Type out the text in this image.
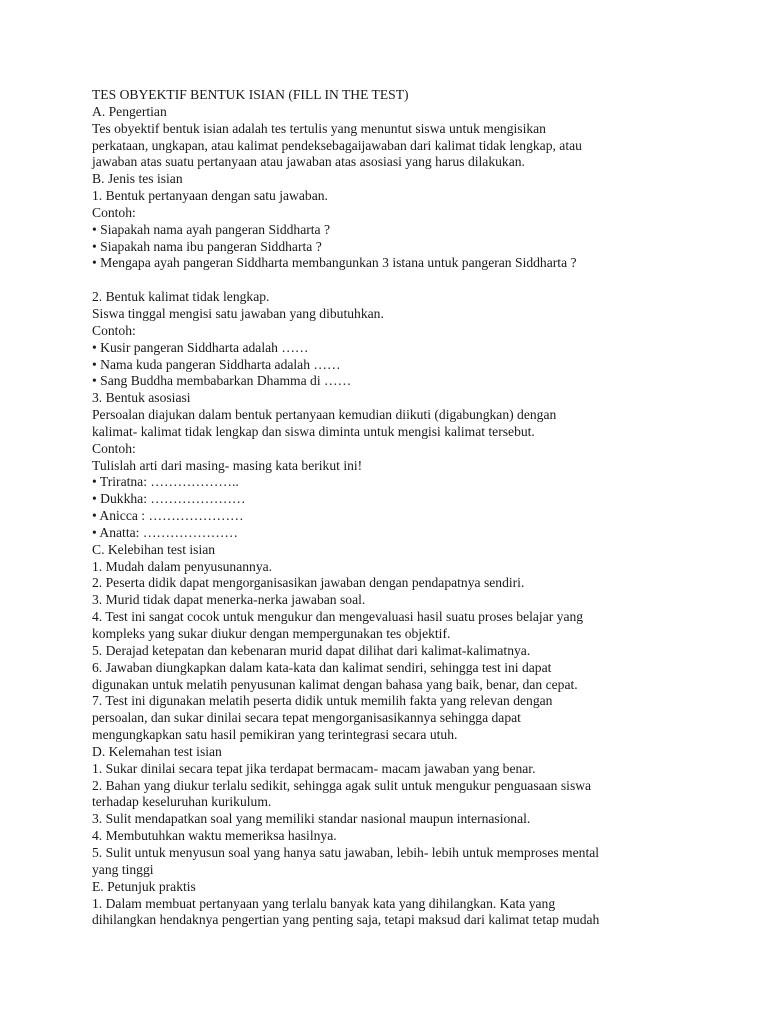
TES OBYEKTIF BENTUK ISIAN (FILL IN THE TEST)
A. Pengertian
Tes obyektif bentuk isian adalah tes tertulis yang menuntut siswa untuk mengisikan
perkataan, ungkapan, atau kalimat pendeksebagaijawaban dari kalimat tidak lengkap, atau
jawaban atas suatu pertanyaan atau jawaban atas asosiasi yang harus dilakukan.
B. Jenis tes isian
1. Bentuk pertanyaan dengan satu jawaban.
Contoh:
• Siapakah nama ayah pangeran Siddharta ?
• Siapakah nama ibu pangeran Siddharta ?
• Mengapa ayah pangeran Siddharta membangunkan 3 istana untuk pangeran Siddharta ?
2. Bentuk kalimat tidak lengkap.
Siswa tinggal mengisi satu jawaban yang dibutuhkan.
Contoh:
• Kusir pangeran Siddharta adalah ……
• Nama kuda pangeran Siddharta adalah ……
• Sang Buddha membabarkan Dhamma di ……
3. Bentuk asosiasi
Persoalan diajukan dalam bentuk pertanyaan kemudian diikuti (digabungkan) dengan
kalimat- kalimat tidak lengkap dan siswa diminta untuk mengisi kalimat tersebut.
Contoh:
Tulislah arti dari masing- masing kata berikut ini!
• Triratna: ………………..
• Dukkha: …………………
• Anicca : …………………
• Anatta: …………………
C. Kelebihan test isian
1. Mudah dalam penyusunannya.
2. Peserta didik dapat mengorganisasikan jawaban dengan pendapatnya sendiri.
3. Murid tidak dapat menerka-nerka jawaban soal.
4. Test ini sangat cocok untuk mengukur dan mengevaluasi hasil suatu proses belajar yang
kompleks yang sukar diukur dengan mempergunakan tes objektif.
5. Derajad ketepatan dan kebenaran murid dapat dilihat dari kalimat-kalimatnya.
6. Jawaban diungkapkan dalam kata-kata dan kalimat sendiri, sehingga test ini dapat
digunakan untuk melatih penyusunan kalimat dengan bahasa yang baik, benar, dan cepat.
7. Test ini digunakan melatih peserta didik untuk memilih fakta yang relevan dengan
persoalan, dan sukar dinilai secara tepat mengorganisasikannya sehingga dapat
mengungkapkan satu hasil pemikiran yang terintegrasi secara utuh.
D. Kelemahan test isian
1. Sukar dinilai secara tepat jika terdapat bermacam- macam jawaban yang benar.
2. Bahan yang diukur terlalu sedikit, sehingga agak sulit untuk mengukur penguasaan siswa
terhadap keseluruhan kurikulum.
3. Sulit mendapatkan soal yang memiliki standar nasional maupun internasional.
4. Membutuhkan waktu memeriksa hasilnya.
5. Sulit untuk menyusun soal yang hanya satu jawaban, lebih- lebih untuk memproses mental
yang tinggi
E. Petunjuk praktis
1. Dalam membuat pertanyaan yang terlalu banyak kata yang dihilangkan. Kata yang
dihilangkan hendaknya pengertian yang penting saja, tetapi maksud dari kalimat tetap mudah
